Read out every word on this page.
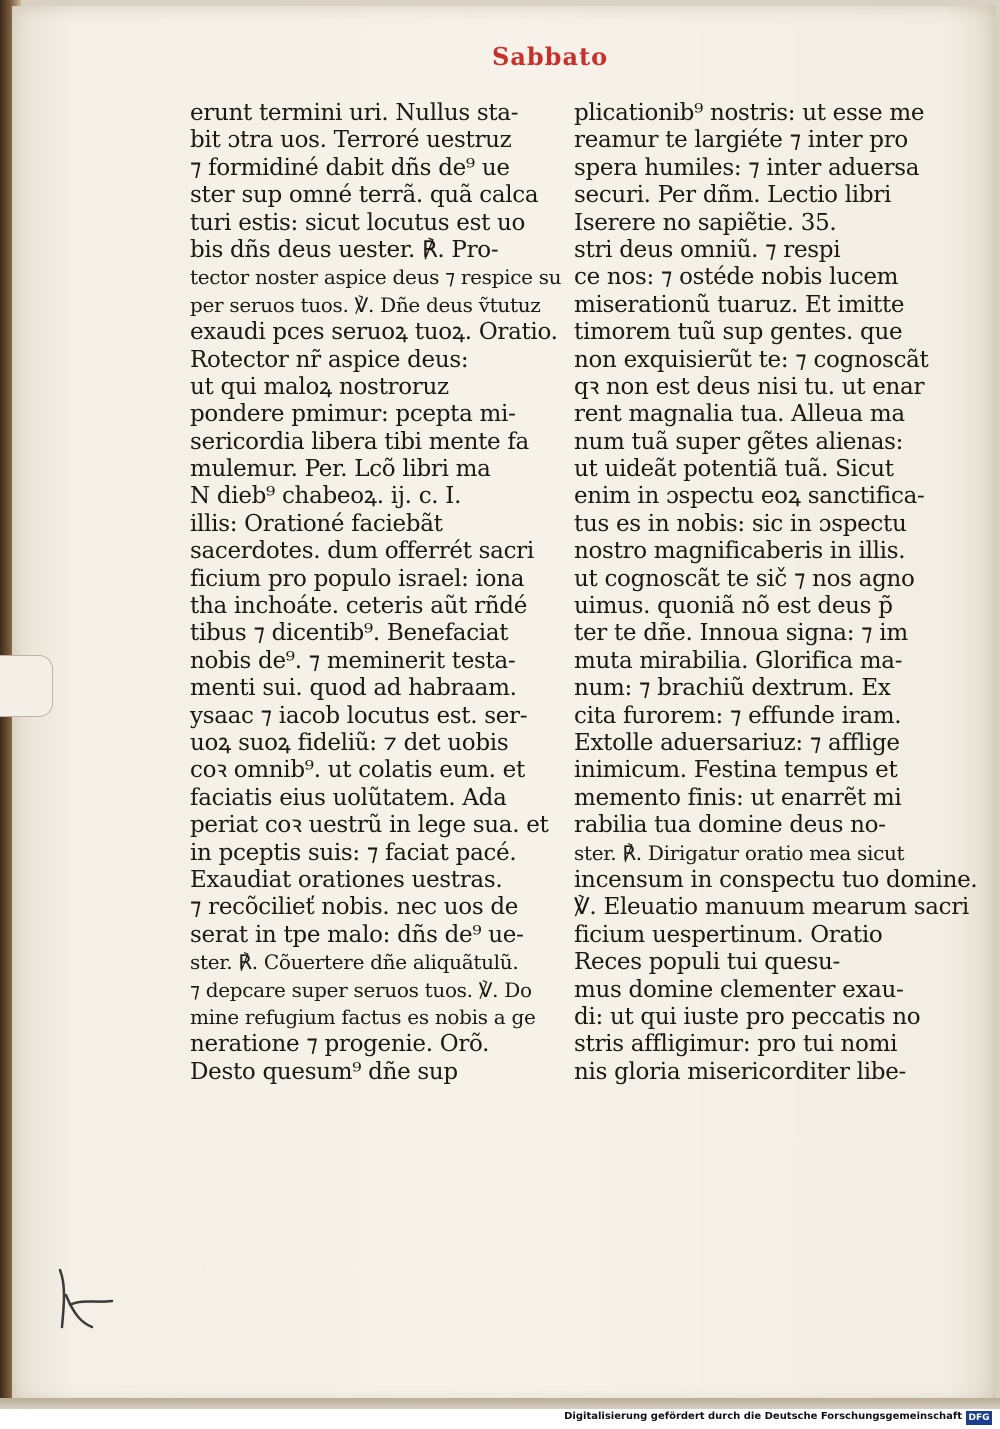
Sabbato
erunt termini uri. Nullus sta-
bit ɔtra uos. Terroré uestruz
⁊ formidiné dabit dñs de⁹ ue
ster sup omné terrã. quã calca
turi estis: sicut locutus est uo
bis dñs deus uester. ℟. Pro-
tector noster aspice deus ⁊ respice su
per seruos tuos. ℣. Dñe deus ṽtutuz
exaudi pces seruoꝝ tuoꝝ. Oratio.
Rotector nr̃ aspice deus:
ut qui maloꝝ nostroruz
pondere pmimur: pcepta mi-
sericordia libera tibi mente fa
mulemur. Per. Lcõ libri ma
N dieb⁹ chabeoꝝ. ij. c. I.
illis: Orationé faciebãt
sacerdotes. dum offerrét sacri
ficium pro populo israel: iona
tha inchoáte. ceteris aũt rñdé
tibus ⁊ dicentib⁹. Benefaciat
nobis de⁹. ⁊ meminerit testa-
menti sui. quod ad habraam.
ysaac ⁊ iacob locutus est. ser-
uoꝝ suoꝝ fideliũ: ⁊ det uobis
coꝛ omnib⁹. ut colatis eum. et
faciatis eius uolũtatem. Ada
periat coꝛ uestrũ in lege sua. et
in pceptis suis: ⁊ faciat pacé.
Exaudiat orationes uestras.
⁊ recõcilieť nobis. nec uos de
serat in tpe malo: dñs de⁹ ue-
ster. ℟. Cõuertere dñe aliquãtulũ.
⁊ depcare super seruos tuos. ℣. Do
mine refugium factus es nobis a ge
neratione ⁊ progenie. Orõ.
Desto quesum⁹ dñe sup
plicationib⁹ nostris: ut esse me
reamur te largiéte ⁊ inter pro
spera humiles: ⁊ inter aduersa
securi. Per dñm. Lectio libri
Iserere no sapiẽtie. 35.
stri deus omniũ. ⁊ respi
ce nos: ⁊ ostéde nobis lucem
miserationũ tuaruz. Et imitte
timorem tuũ sup gentes. que
non exquisierũt te: ⁊ cognoscãt
qꝛ non est deus nisi tu. ut enar
rent magnalia tua. Alleua ma
num tuã super gẽtes alienas:
ut uideãt potentiã tuã. Sicut
enim in ɔspectu eoꝝ sanctifica-
tus es in nobis: sic in ɔspectu
nostro magnificaberis in illis.
ut cognoscãt te sič ⁊ nos agno
uimus. quoniã nõ est deus p̃
ter te dñe. Innoua signa: ⁊ im
muta mirabilia. Glorifica ma-
num: ⁊ brachiũ dextrum. Ex
cita furorem: ⁊ effunde iram.
Extolle aduersariuz: ⁊ afflige
inimicum. Festina tempus et
memento finis: ut enarrẽt mi
rabilia tua domine deus no-
ster. ℟. Dirigatur oratio mea sicut
incensum in conspectu tuo domine.
℣. Eleuatio manuum mearum sacri
ficium uespertinum. Oratio
Reces populi tui quesu-
mus domine clementer exau-
di: ut qui iuste pro peccatis no
stris affligimur: pro tui nomi
nis gloria misericorditer libe-
Digitalisierung gefördert durch die Deutsche Forschungsgemeinschaft DFG
